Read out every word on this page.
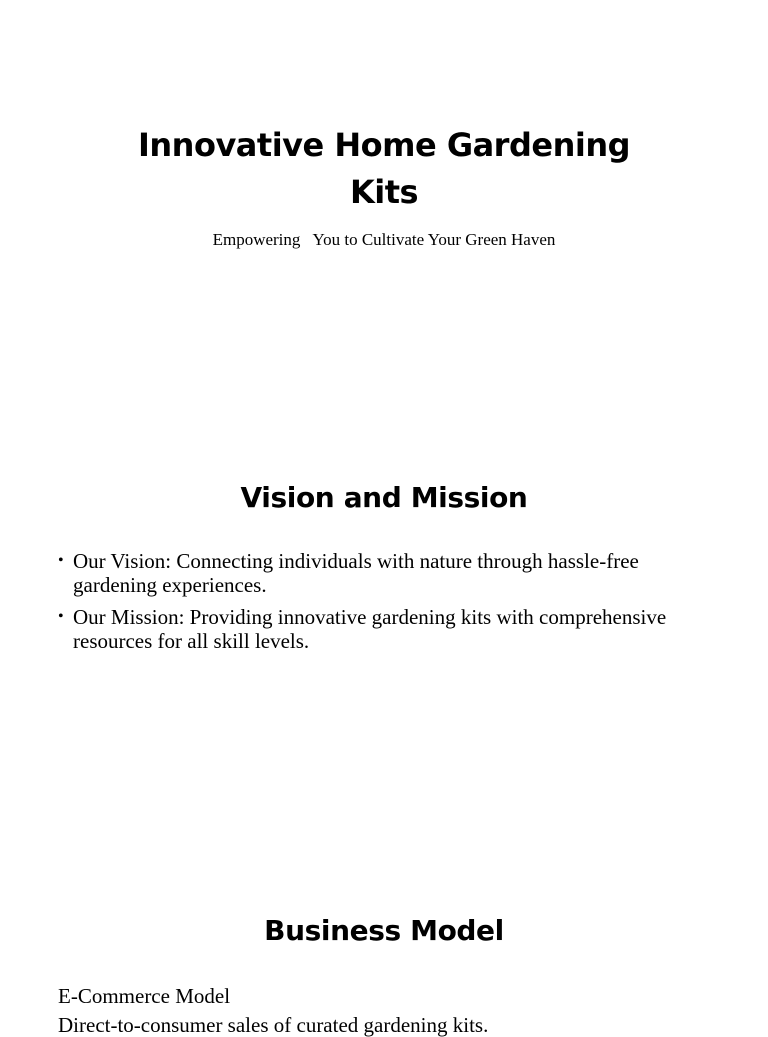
Innovative Home Gardening Kits
Empowering   You to Cultivate Your Green Haven
Vision and Mission
• Our Vision: Connecting individuals with nature through hassle-free gardening experiences.
• Our Mission: Providing innovative gardening kits with comprehensive resources for all skill levels.
Business Model
E-Commerce Model
Direct-to-consumer sales of curated gardening kits.
